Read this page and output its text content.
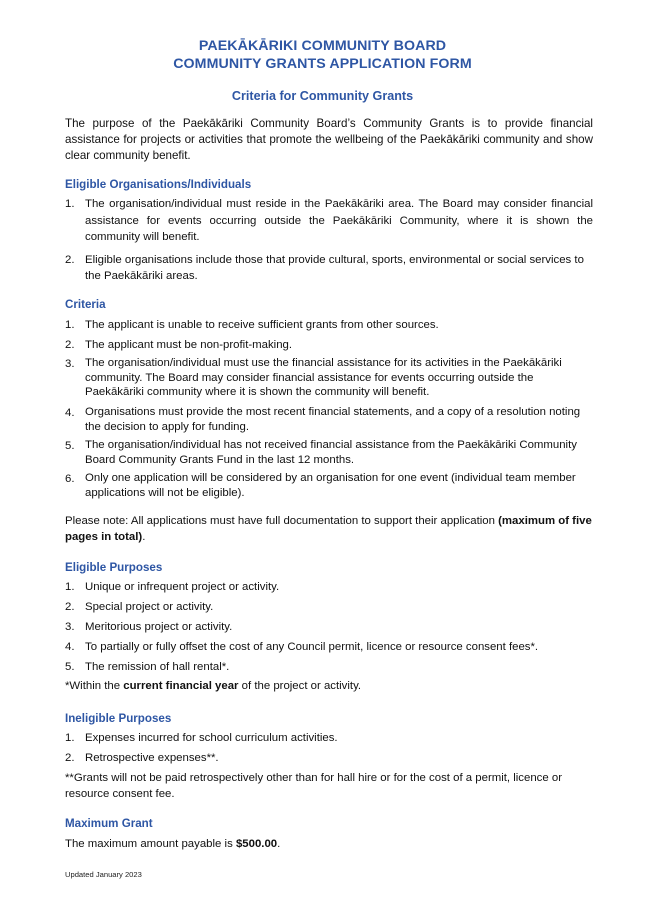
PAEKĀKĀRIKI COMMUNITY BOARD
COMMUNITY GRANTS APPLICATION FORM
Criteria for Community Grants
The purpose of the Paekākāriki Community Board’s Community Grants is to provide financial assistance for projects or activities that promote the wellbeing of the Paekākāriki community and show clear community benefit.
Eligible Organisations/Individuals
1. The organisation/individual must reside in the Paekākāriki area. The Board may consider financial assistance for events occurring outside the Paekākāriki Community, where it is shown the community will benefit.
2. Eligible organisations include those that provide cultural, sports, environmental or social services to the Paekākāriki areas.
Criteria
1. The applicant is unable to receive sufficient grants from other sources.
2. The applicant must be non-profit-making.
3. The organisation/individual must use the financial assistance for its activities in the Paekākāriki community. The Board may consider financial assistance for events occurring outside the Paekākāriki community where it is shown the community will benefit.
4. Organisations must provide the most recent financial statements, and a copy of a resolution noting the decision to apply for funding.
5. The organisation/individual has not received financial assistance from the Paekākāriki Community Board Community Grants Fund in the last 12 months.
6. Only one application will be considered by an organisation for one event (individual team member applications will not be eligible).
Please note: All applications must have full documentation to support their application (maximum of five pages in total).
Eligible Purposes
1. Unique or infrequent project or activity.
2. Special project or activity.
3. Meritorious project or activity.
4. To partially or fully offset the cost of any Council permit, licence or resource consent fees*.
5. The remission of hall rental*.
*Within the current financial year of the project or activity.
Ineligible Purposes
1. Expenses incurred for school curriculum activities.
2. Retrospective expenses**.
**Grants will not be paid retrospectively other than for hall hire or for the cost of a permit, licence or resource consent fee.
Maximum Grant
The maximum amount payable is $500.00.
Updated January 2023
